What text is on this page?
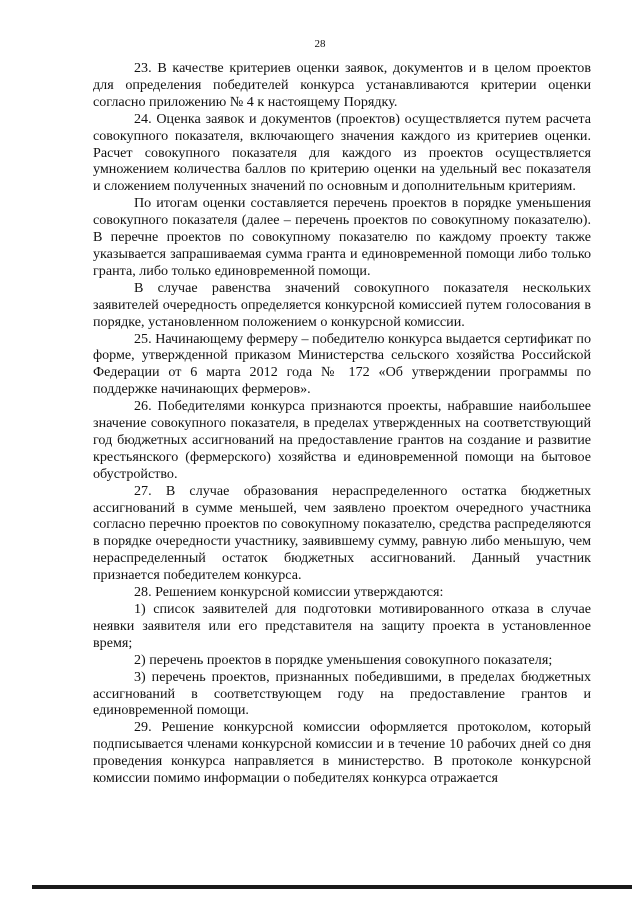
28

23. В качестве критериев оценки заявок, документов и в целом проектов для определения победителей конкурса устанавливаются критерии оценки согласно приложению № 4 к настоящему Порядку.

24. Оценка заявок и документов (проектов) осуществляется путем расчета совокупного показателя, включающего значения каждого из критериев оценки. Расчет совокупного показателя для каждого из проектов осуществляется умножением количества баллов по критерию оценки на удельный вес показателя и сложением полученных значений по основным и дополнительным критериям.

По итогам оценки составляется перечень проектов в порядке уменьшения совокупного показателя (далее – перечень проектов по совокупному показателю). В перечне проектов по совокупному показателю по каждому проекту также указывается запрашиваемая сумма гранта и единовременной помощи либо только гранта, либо только единовременной помощи.

В случае равенства значений совокупного показателя нескольких заявителей очередность определяется конкурсной комиссией путем голосования в порядке, установленном положением о конкурсной комиссии.

25. Начинающему фермеру – победителю конкурса выдается сертификат по форме, утвержденной приказом Министерства сельского хозяйства Российской Федерации от 6 марта 2012 года № 172 «Об утверждении программы по поддержке начинающих фермеров».

26. Победителями конкурса признаются проекты, набравшие наибольшее значение совокупного показателя, в пределах утвержденных на соответствующий год бюджетных ассигнований на предоставление грантов на создание и развитие крестьянского (фермерского) хозяйства и единовременной помощи на бытовое обустройство.

27. В случае образования нераспределенного остатка бюджетных ассигнований в сумме меньшей, чем заявлено проектом очередного участника согласно перечню проектов по совокупному показателю, средства распределяются в порядке очередности участнику, заявившему сумму, равную либо меньшую, чем нераспределенный остаток бюджетных ассигнований. Данный участник признается победителем конкурса.

28. Решением конкурсной комиссии утверждаются:

1) список заявителей для подготовки мотивированного отказа в случае неявки заявителя или его представителя на защиту проекта в установленное время;

2) перечень проектов в порядке уменьшения совокупного показателя;

3) перечень проектов, признанных победившими, в пределах бюджетных ассигнований в соответствующем году на предоставление грантов и единовременной помощи.

29. Решение конкурсной комиссии оформляется протоколом, который подписывается членами конкурсной комиссии и в течение 10 рабочих дней со дня проведения конкурса направляется в министерство. В протоколе конкурсной комиссии помимо информации о победителях конкурса отражается
